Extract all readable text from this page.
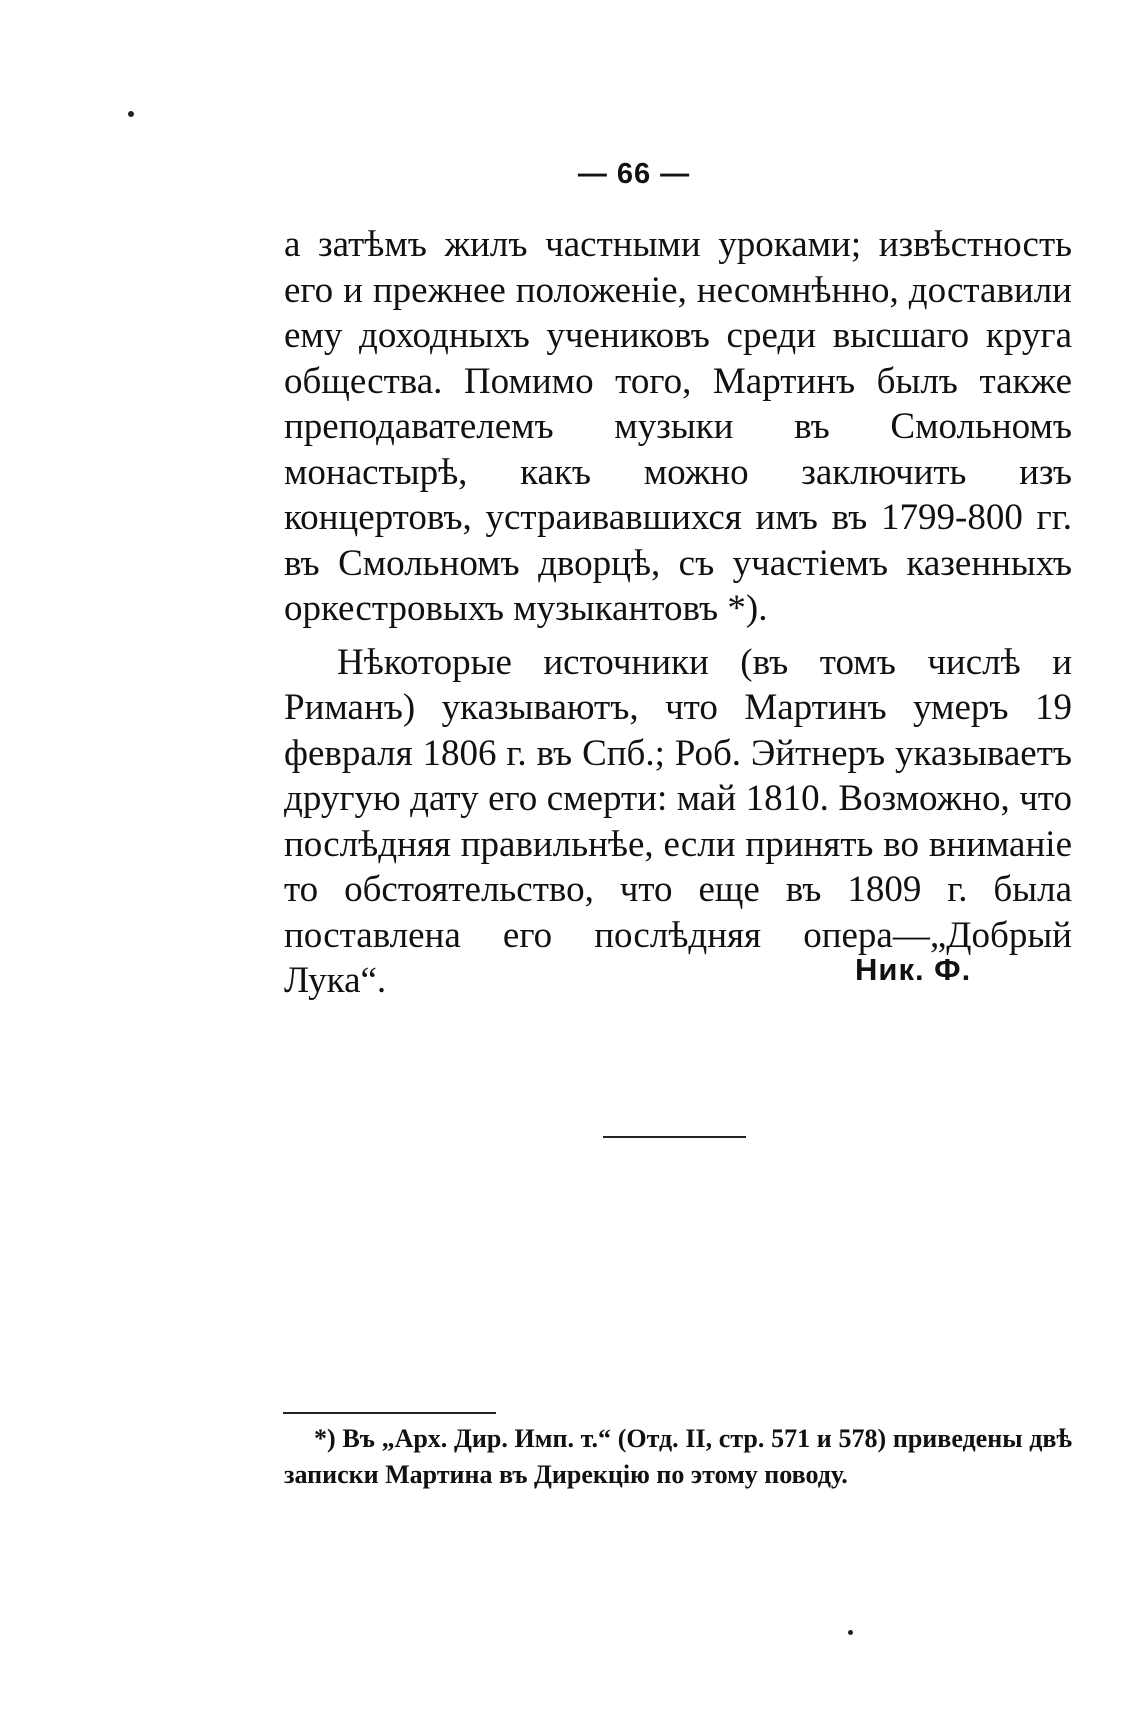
— 66 —

а затѣмъ жилъ частными уроками; извѣстность его и прежнее положеніе, несомнѣнно, доставили ему доходныхъ учениковъ среди высшаго круга общества. Помимо того, Мартинъ былъ также преподавателемъ музыки въ Смольномъ монастырѣ, какъ можно заключить изъ концертовъ, устраивавшихся имъ въ 1799-800 гг. въ Смольномъ дворцѣ, съ участіемъ казенныхъ оркестровыхъ музыкантовъ *).

Нѣкоторые источники (въ томъ числѣ и Риманъ) указываютъ, что Мартинъ умеръ 19 февраля 1806 г. въ Спб.; Роб. Эйтнеръ указываетъ другую дату его смерти: май 1810. Возможно, что послѣдняя правильнѣе, если принять во вниманіе то обстоятельство, что еще въ 1809 г. была поставлена его послѣдняя опера—„Добрый Лука“.	Ник. Ф.
*) Въ „Арх. Дир. Имп. т.“ (Отд. II, стр. 571 и 578) приведены двѣ записки Мартина въ Дирекцію по этому поводу.
